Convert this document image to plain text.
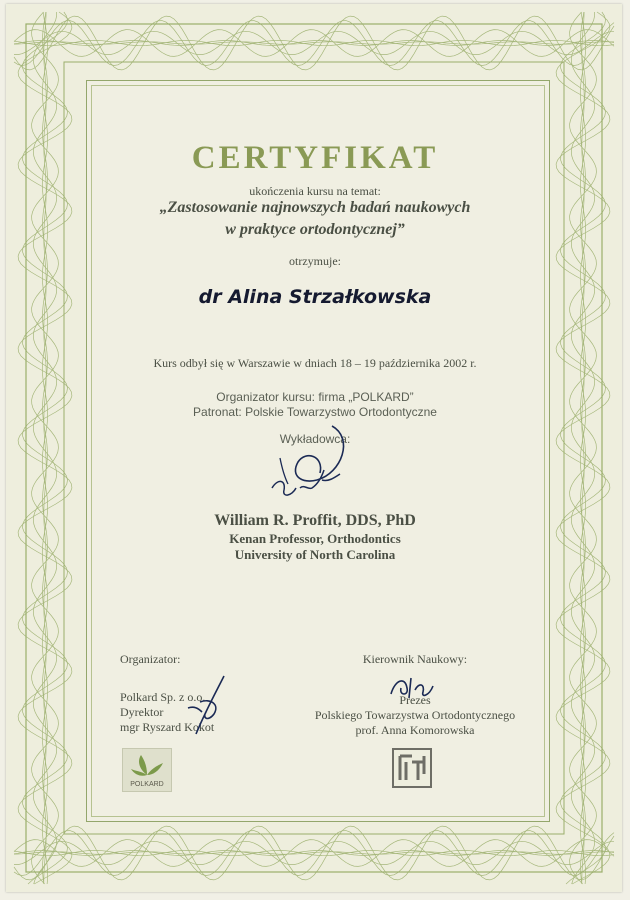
CERTYFIKAT
ukończenia kursu na temat:
„Zastosowanie najnowszych badań naukowych
w praktyce ortodontycznej”
otrzymuje:
dr Alina Strzałkowska
Kurs odbył się w Warszawie w dniach 18 – 19 października 2002 r.
Organizator kursu: firma „POLKARD”
Patronat: Polskie Towarzystwo Ortodontyczne
Wykładowca:
William R. Proffit, DDS, PhD
Kenan Professor, Orthodontics
University of North Carolina
Organizator:
Polkard Sp. z o.o.
Dyrektor
mgr Ryszard Kokot
Kierownik Naukowy:
Prezes
Polskiego Towarzystwa Ortodontycznego
prof. Anna Komorowska
POLKARD
